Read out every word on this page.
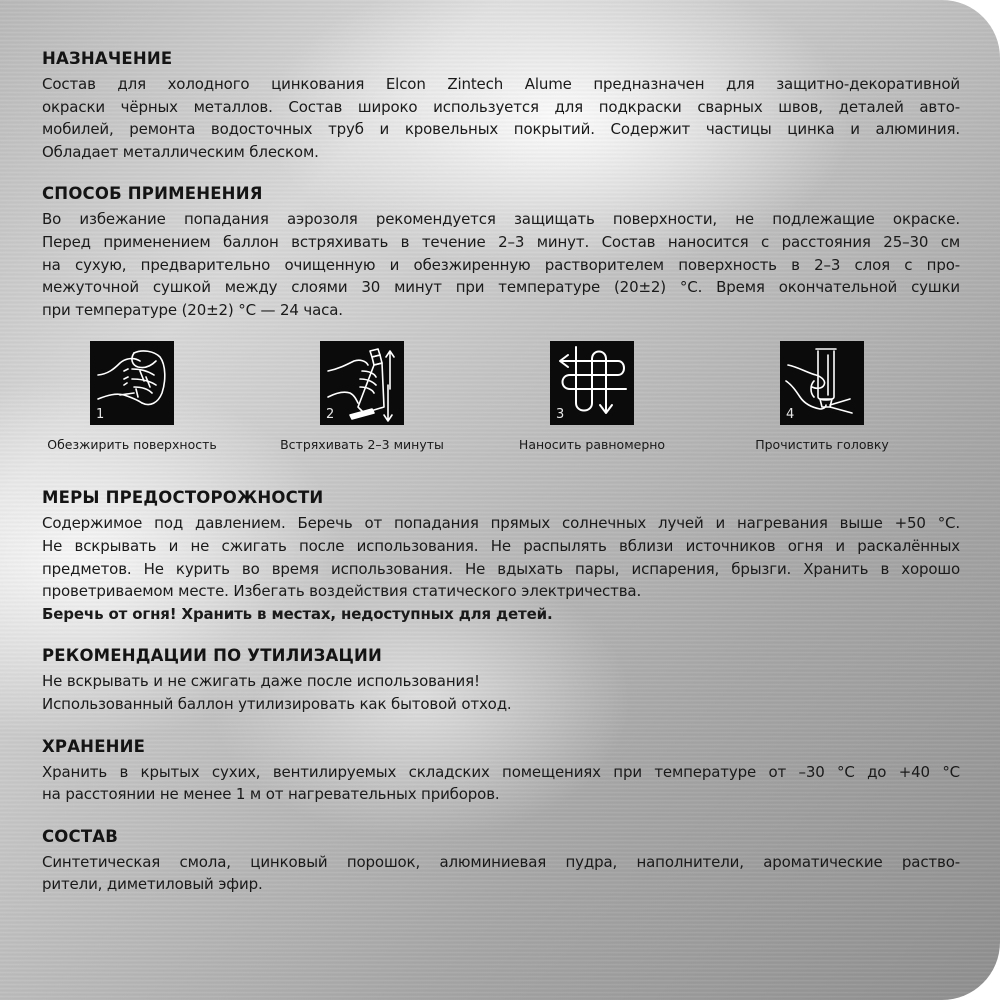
НАЗНАЧЕНИЕ

Состав для холодного цинкования Elcon Zintech Alume предназначен для защитно-декоративной
окраски чёрных металлов. Состав широко используется для подкраски сварных швов, деталей авто-
мобилей, ремонта водосточных труб и кровельных покрытий. Содержит частицы цинка и алюминия.
Обладает металлическим блеском.

СПОСОБ ПРИМЕНЕНИЯ

Во избежание попадания аэрозоля рекомендуется защищать поверхности, не подлежащие окраске.
Перед применением баллон встряхивать в течение 2–3 минут. Состав наносится с расстояния 25–30 см
на сухую, предварительно очищенную и обезжиренную растворителем поверхность в 2–3 слоя с про-
межуточной сушкой между слоями 30 минут при температуре (20±2) °С. Время окончательной сушки
при температуре (20±2) °С — 24 часа.

1
Обезжирить поверхность
2
Встряхивать 2–3 минуты
3
Наносить равномерно
4
Прочистить головку
МЕРЫ ПРЕДОСТОРОЖНОСТИ

Содержимое под давлением. Беречь от попадания прямых солнечных лучей и нагревания выше +50 °С.
Не вскрывать и не сжигать после использования. Не распылять вблизи источников огня и раскалённых
предметов. Не курить во время использования. Не вдыхать пары, испарения, брызги. Хранить в хорошо
проветриваемом месте. Избегать воздействия статического электричества.
Беречь от огня! Хранить в местах, недоступных для детей.

РЕКОМЕНДАЦИИ ПО УТИЛИЗАЦИИ

Не вскрывать и не сжигать даже после использования!
Использованный баллон утилизировать как бытовой отход.

ХРАНЕНИЕ

Хранить в крытых сухих, вентилируемых складских помещениях при температуре от –30 °С до +40 °С
на расстоянии не менее 1 м от нагревательных приборов.

СОСТАВ

Синтетическая смола, цинковый порошок, алюминиевая пудра, наполнители, ароматические раство-
рители, диметиловый эфир.
